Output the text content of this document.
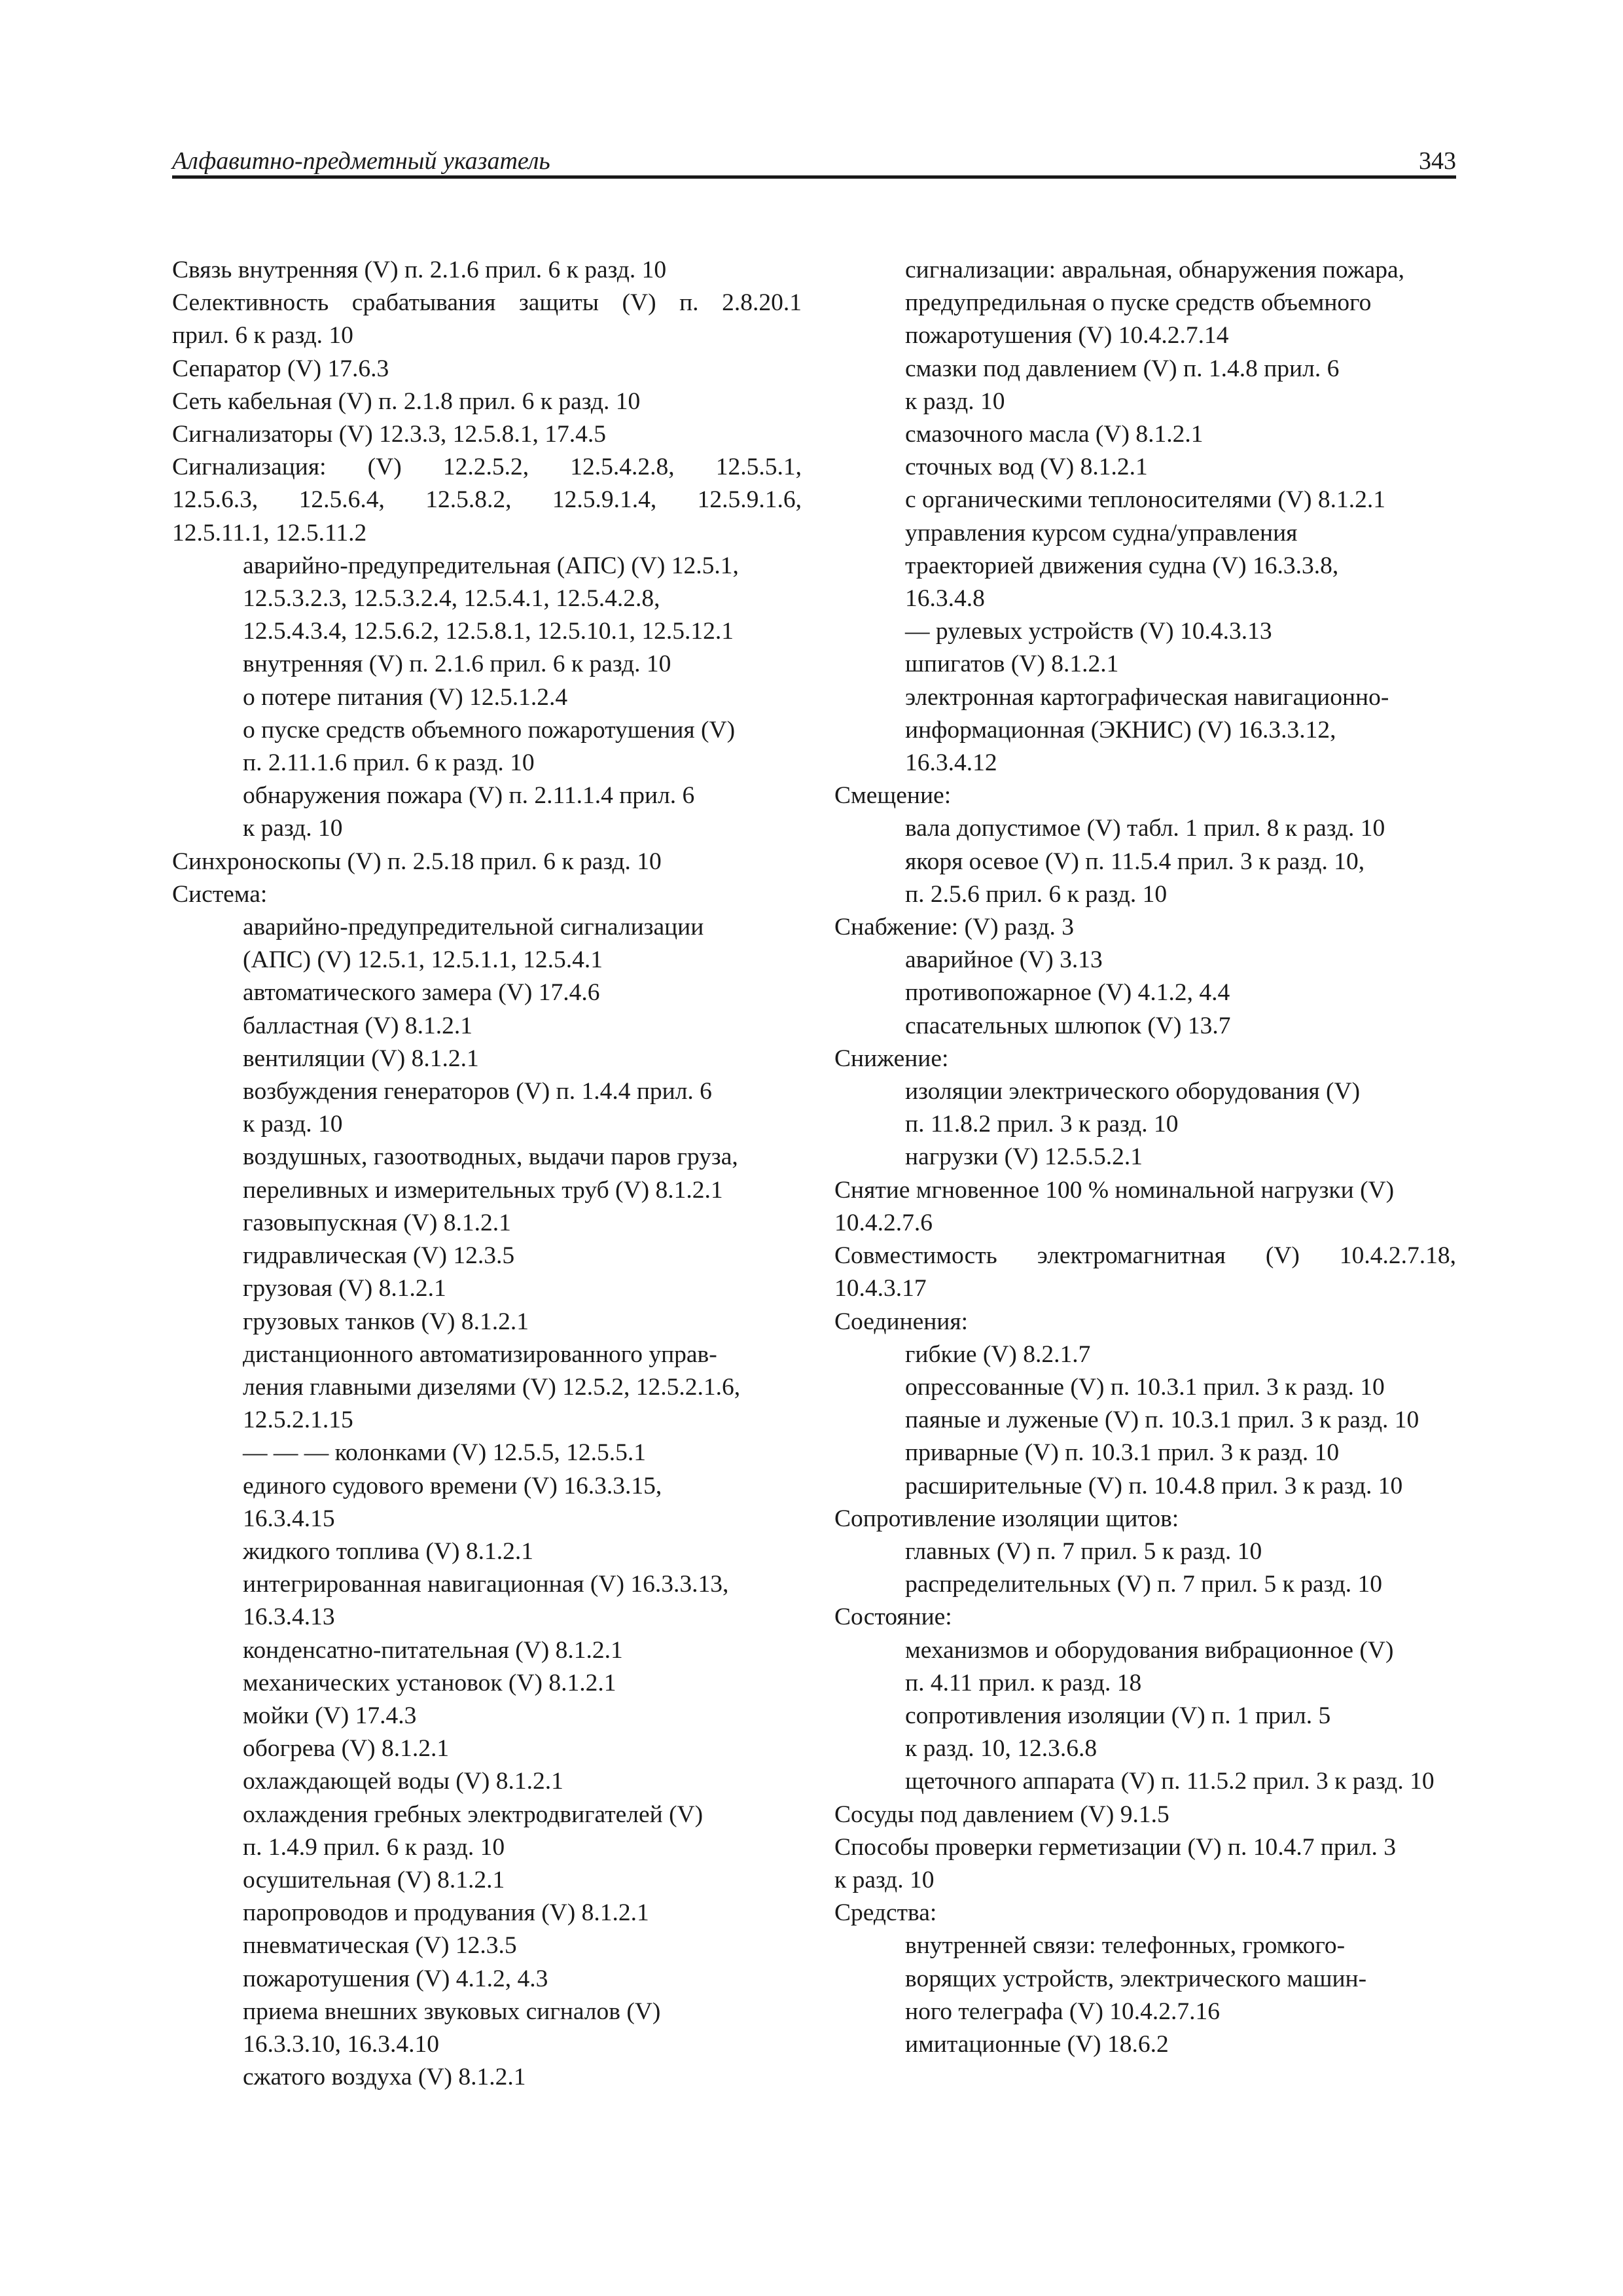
Алфавитно-предметный указатель	343
Связь внутренняя (V) п. 2.1.6 прил. 6 к разд. 10
Селективность срабатывания защиты (V) п. 2.8.20.1
прил. 6 к разд. 10
Сепаратор (V) 17.6.3
Сеть кабельная (V) п. 2.1.8 прил. 6 к разд. 10
Сигнализаторы (V) 12.3.3, 12.5.8.1, 17.4.5
Сигнализация: (V) 12.2.5.2, 12.5.4.2.8, 12.5.5.1,
12.5.6.3, 12.5.6.4, 12.5.8.2, 12.5.9.1.4, 12.5.9.1.6,
12.5.11.1, 12.5.11.2
аварийно-предупредительная (АПС) (V) 12.5.1,
12.5.3.2.3, 12.5.3.2.4, 12.5.4.1, 12.5.4.2.8,
12.5.4.3.4, 12.5.6.2, 12.5.8.1, 12.5.10.1, 12.5.12.1
внутренняя (V) п. 2.1.6 прил. 6 к разд. 10
о потере питания (V) 12.5.1.2.4
о пуске средств объемного пожаротушения (V)
п. 2.11.1.6 прил. 6 к разд. 10
обнаружения пожара (V) п. 2.11.1.4 прил. 6
к разд. 10
Синхроноскопы (V) п. 2.5.18 прил. 6 к разд. 10
Система:
аварийно-предупредительной сигнализации
(АПС) (V) 12.5.1, 12.5.1.1, 12.5.4.1
автоматического замера (V) 17.4.6
балластная (V) 8.1.2.1
вентиляции (V) 8.1.2.1
возбуждения генераторов (V) п. 1.4.4 прил. 6
к разд. 10
воздушных, газоотводных, выдачи паров груза,
переливных и измерительных труб (V) 8.1.2.1
газовыпускная (V) 8.1.2.1
гидравлическая (V) 12.3.5
грузовая (V) 8.1.2.1
грузовых танков (V) 8.1.2.1
дистанционного автоматизированного управ-
ления главными дизелями (V) 12.5.2, 12.5.2.1.6,
12.5.2.1.15
— — — колонками (V) 12.5.5, 12.5.5.1
единого судового времени (V) 16.3.3.15,
16.3.4.15
жидкого топлива (V) 8.1.2.1
интегрированная навигационная (V) 16.3.3.13,
16.3.4.13
конденсатно-питательная (V) 8.1.2.1
механических установок (V) 8.1.2.1
мойки (V) 17.4.3
обогрева (V) 8.1.2.1
охлаждающей воды (V) 8.1.2.1
охлаждения гребных электродвигателей (V)
п. 1.4.9 прил. 6 к разд. 10
осушительная (V) 8.1.2.1
паропроводов и продувания (V) 8.1.2.1
пневматическая (V) 12.3.5
пожаротушения (V) 4.1.2, 4.3
приема внешних звуковых сигналов (V)
16.3.3.10, 16.3.4.10
сжатого воздуха (V) 8.1.2.1
сигнализации: авральная, обнаружения пожара,
предупредильная о пуске средств объемного
пожаротушения (V) 10.4.2.7.14
смазки под давлением (V) п. 1.4.8 прил. 6
к разд. 10
смазочного масла (V) 8.1.2.1
сточных вод (V) 8.1.2.1
с органическими теплоносителями (V) 8.1.2.1
управления курсом судна/управления
траекторией движения судна (V) 16.3.3.8,
16.3.4.8
— рулевых устройств (V) 10.4.3.13
шпигатов (V) 8.1.2.1
электронная картографическая навигационно-
информационная (ЭКНИС) (V) 16.3.3.12,
16.3.4.12
Смещение:
вала допустимое (V) табл. 1 прил. 8 к разд. 10
якоря осевое (V) п. 11.5.4 прил. 3 к разд. 10,
п. 2.5.6 прил. 6 к разд. 10
Снабжение: (V) разд. 3
аварийное (V) 3.13
противопожарное (V) 4.1.2, 4.4
спасательных шлюпок (V) 13.7
Снижение:
изоляции электрического оборудования (V)
п. 11.8.2 прил. 3 к разд. 10
нагрузки (V) 12.5.5.2.1
Снятие мгновенное 100 % номинальной нагрузки (V)
10.4.2.7.6
Совместимость электромагнитная (V) 10.4.2.7.18,
10.4.3.17
Соединения:
гибкие (V) 8.2.1.7
опрессованные (V) п. 10.3.1 прил. 3 к разд. 10
паяные и луженые (V) п. 10.3.1 прил. 3 к разд. 10
приварные (V) п. 10.3.1 прил. 3 к разд. 10
расширительные (V) п. 10.4.8 прил. 3 к разд. 10
Сопротивление изоляции щитов:
главных (V) п. 7 прил. 5 к разд. 10
распределительных (V) п. 7 прил. 5 к разд. 10
Состояние:
механизмов и оборудования вибрационное (V)
п. 4.11 прил. к разд. 18
сопротивления изоляции (V) п. 1 прил. 5
к разд. 10, 12.3.6.8
щеточного аппарата (V) п. 11.5.2 прил. 3 к разд. 10
Сосуды под давлением (V) 9.1.5
Способы проверки герметизации (V) п. 10.4.7 прил. 3
к разд. 10
Средства:
внутренней связи: телефонных, громкого-
ворящих устройств, электрического машин-
ного телеграфа (V) 10.4.2.7.16
имитационные (V) 18.6.2
